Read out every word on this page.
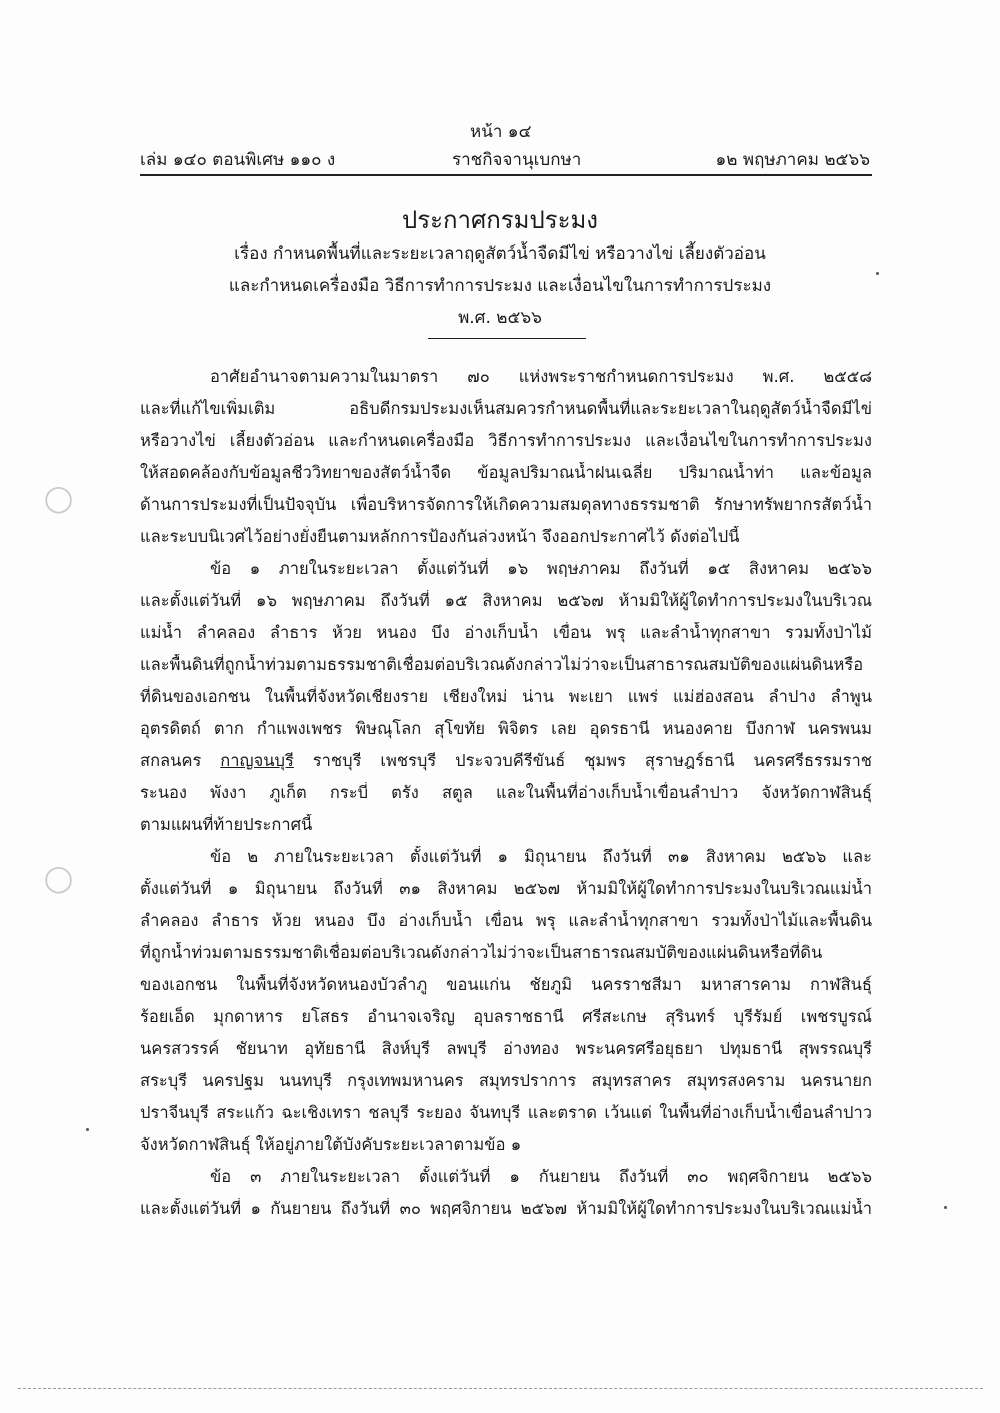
หน้า ๑๔
เล่ม ๑๔๐ ตอนพิเศษ ๑๑๐ ง	ราชกิจจานุเบกษา	๑๒ พฤษภาคม ๒๕๖๖
ประกาศกรมประมง
เรื่อง กำหนดพื้นที่และระยะเวลาฤดูสัตว์น้ำจืดมีไข่ หรือวางไข่ เลี้ยงตัวอ่อน
และกำหนดเครื่องมือ วิธีการทำการประมง และเงื่อนไขในการทำการประมง
พ.ศ. ๒๕๖๖
อาศัยอำนาจตามความในมาตรา ๗๐ แห่งพระราชกำหนดการประมง พ.ศ. ๒๕๕๘
และที่แก้ไขเพิ่มเติม อธิบดีกรมประมงเห็นสมควรกำหนดพื้นที่และระยะเวลาในฤดูสัตว์น้ำจืดมีไข่
หรือวางไข่ เลี้ยงตัวอ่อน และกำหนดเครื่องมือ วิธีการทำการประมง และเงื่อนไขในการทำการประมง
ให้สอดคล้องกับข้อมูลชีววิทยาของสัตว์น้ำจืด ข้อมูลปริมาณน้ำฝนเฉลี่ย ปริมาณน้ำท่า และข้อมูล
ด้านการประมงที่เป็นปัจจุบัน เพื่อบริหารจัดการให้เกิดความสมดุลทางธรรมชาติ รักษาทรัพยากรสัตว์น้ำ
และระบบนิเวศไว้อย่างยั่งยืนตามหลักการป้องกันล่วงหน้า จึงออกประกาศไว้ ดังต่อไปนี้
ข้อ ๑ ภายในระยะเวลา ตั้งแต่วันที่ ๑๖ พฤษภาคม ถึงวันที่ ๑๕ สิงหาคม ๒๕๖๖
และตั้งแต่วันที่ ๑๖ พฤษภาคม ถึงวันที่ ๑๕ สิงหาคม ๒๕๖๗ ห้ามมิให้ผู้ใดทำการประมงในบริเวณ
แม่น้ำ ลำคลอง ลำธาร ห้วย หนอง บึง อ่างเก็บน้ำ เขื่อน พรุ และลำน้ำทุกสาขา รวมทั้งป่าไม้
และพื้นดินที่ถูกน้ำท่วมตามธรรมชาติเชื่อมต่อบริเวณดังกล่าวไม่ว่าจะเป็นสาธารณสมบัติของแผ่นดินหรือ
ที่ดินของเอกชน ในพื้นที่จังหวัดเชียงราย เชียงใหม่ น่าน พะเยา แพร่ แม่ฮ่องสอน ลำปาง ลำพูน
อุตรดิตถ์ ตาก กำแพงเพชร พิษณุโลก สุโขทัย พิจิตร เลย อุดรธานี หนองคาย บึงกาฬ นครพนม
สกลนคร กาญจนบุรี ราชบุรี เพชรบุรี ประจวบคีรีขันธ์ ชุมพร สุราษฎร์ธานี นครศรีธรรมราช
ระนอง พังงา ภูเก็ต กระบี่ ตรัง สตูล และในพื้นที่อ่างเก็บน้ำเขื่อนลำปาว จังหวัดกาฬสินธุ์
ตามแผนที่ท้ายประกาศนี้
ข้อ ๒ ภายในระยะเวลา ตั้งแต่วันที่ ๑ มิถุนายน ถึงวันที่ ๓๑ สิงหาคม ๒๕๖๖ และ
ตั้งแต่วันที่ ๑ มิถุนายน ถึงวันที่ ๓๑ สิงหาคม ๒๕๖๗ ห้ามมิให้ผู้ใดทำการประมงในบริเวณแม่น้ำ
ลำคลอง ลำธาร ห้วย หนอง บึง อ่างเก็บน้ำ เขื่อน พรุ และลำน้ำทุกสาขา รวมทั้งป่าไม้และพื้นดิน
ที่ถูกน้ำท่วมตามธรรมชาติเชื่อมต่อบริเวณดังกล่าวไม่ว่าจะเป็นสาธารณสมบัติของแผ่นดินหรือที่ดิน
ของเอกชน ในพื้นที่จังหวัดหนองบัวลำภู ขอนแก่น ชัยภูมิ นครราชสีมา มหาสารคาม กาฬสินธุ์
ร้อยเอ็ด มุกดาหาร ยโสธร อำนาจเจริญ อุบลราชธานี ศรีสะเกษ สุรินทร์ บุรีรัมย์ เพชรบูรณ์
นครสวรรค์ ชัยนาท อุทัยธานี สิงห์บุรี ลพบุรี อ่างทอง พระนครศรีอยุธยา ปทุมธานี สุพรรณบุรี
สระบุรี นครปฐม นนทบุรี กรุงเทพมหานคร สมุทรปราการ สมุทรสาคร สมุทรสงคราม นครนายก
ปราจีนบุรี สระแก้ว ฉะเชิงเทรา ชลบุรี ระยอง จันทบุรี และตราด เว้นแต่ ในพื้นที่อ่างเก็บน้ำเขื่อนลำปาว
จังหวัดกาฬสินธุ์ ให้อยู่ภายใต้บังคับระยะเวลาตามข้อ ๑
ข้อ ๓ ภายในระยะเวลา ตั้งแต่วันที่ ๑ กันยายน ถึงวันที่ ๓๐ พฤศจิกายน ๒๕๖๖
และตั้งแต่วันที่ ๑ กันยายน ถึงวันที่ ๓๐ พฤศจิกายน ๒๕๖๗ ห้ามมิให้ผู้ใดทำการประมงในบริเวณแม่น้ำ
◯
◯
